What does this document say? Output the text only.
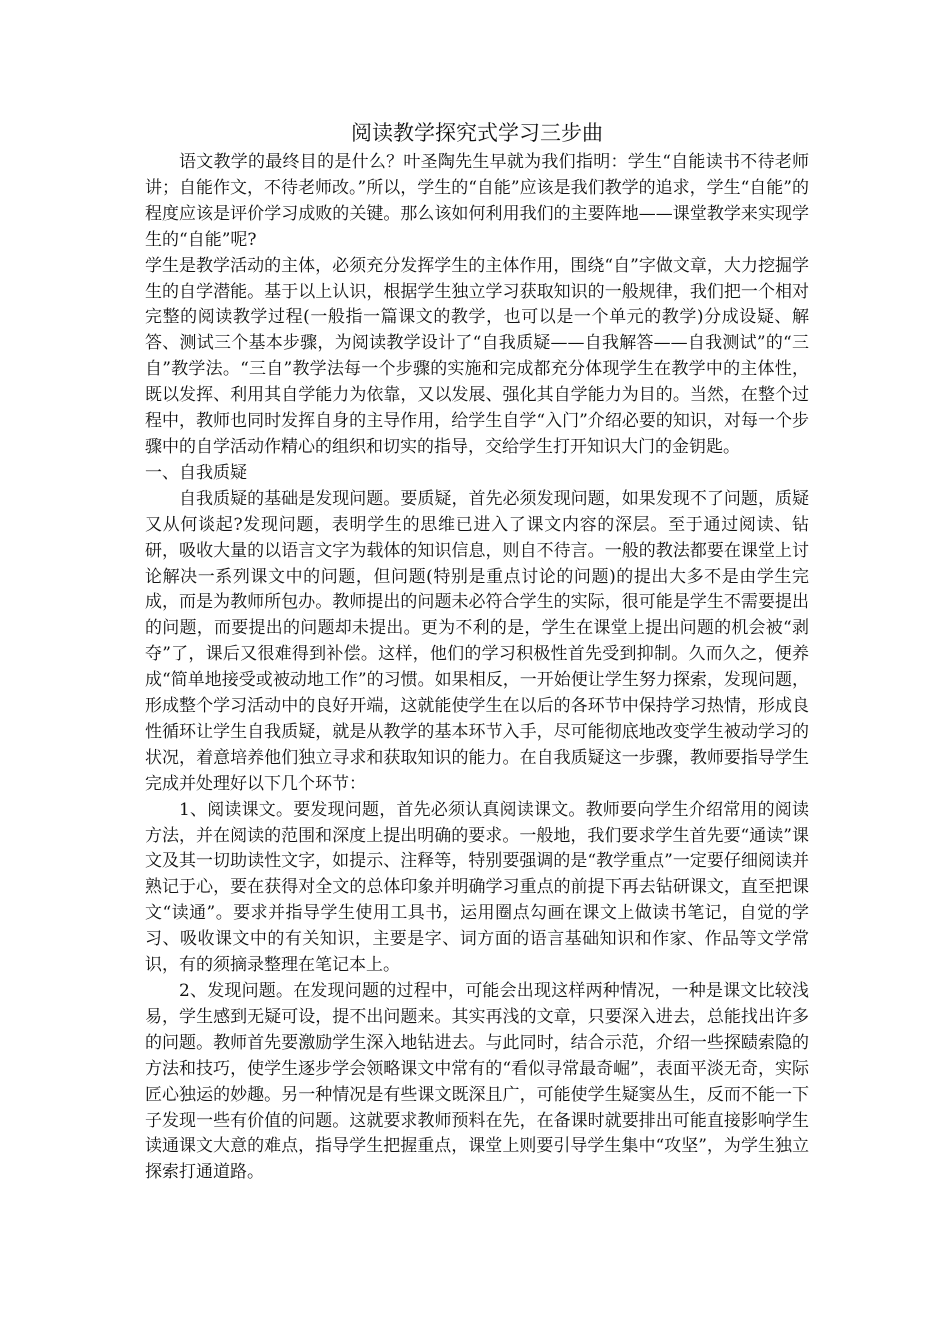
阅读教学探究式学习三步曲

语文教学的最终目的是什么？叶圣陶先生早就为我们指明：学生“自能读书不待老师讲；自能作文，不待老师改。”所以，学生的“自能”应该是我们教学的追求，学生“自能”的程度应该是评价学习成败的关键。那么该如何利用我们的主要阵地——课堂教学来实现学生的“自能”呢?

学生是教学活动的主体，必须充分发挥学生的主体作用，围绕“自”字做文章，大力挖掘学生的自学潜能。基于以上认识，根据学生独立学习获取知识的一般规律，我们把一个相对完整的阅读教学过程(一般指一篇课文的教学，也可以是一个单元的教学)分成设疑、解答、测试三个基本步骤，为阅读教学设计了“自我质疑——自我解答——自我测试”的“三自”教学法。“三自”教学法每一个步骤的实施和完成都充分体现学生在教学中的主体性，既以发挥、利用其自学能力为依靠，又以发展、强化其自学能力为目的。当然，在整个过程中，教师也同时发挥自身的主导作用，给学生自学“入门”介绍必要的知识，对每一个步骤中的自学活动作精心的组织和切实的指导，交给学生打开知识大门的金钥匙。

一、自我质疑

自我质疑的基础是发现问题。要质疑，首先必须发现问题，如果发现不了问题，质疑又从何谈起?发现问题，表明学生的思维已进入了课文内容的深层。至于通过阅读、钻研，吸收大量的以语言文字为载体的知识信息，则自不待言。一般的教法都要在课堂上讨论解决一系列课文中的问题，但问题(特别是重点讨论的问题)的提出大多不是由学生完成，而是为教师所包办。教师提出的问题未必符合学生的实际，很可能是学生不需要提出的问题，而要提出的问题却未提出。更为不利的是，学生在课堂上提出问题的机会被“剥夺”了，课后又很难得到补偿。这样，他们的学习积极性首先受到抑制。久而久之，便养成“简单地接受或被动地工作”的习惯。如果相反，一开始便让学生努力探索，发现问题，形成整个学习活动中的良好开端，这就能使学生在以后的各环节中保持学习热情，形成良性循环让学生自我质疑，就是从教学的基本环节入手，尽可能彻底地改变学生被动学习的状况，着意培养他们独立寻求和获取知识的能力。在自我质疑这一步骤，教师要指导学生完成并处理好以下几个环节：

1、阅读课文。要发现问题，首先必须认真阅读课文。教师要向学生介绍常用的阅读方法，并在阅读的范围和深度上提出明确的要求。一般地，我们要求学生首先要“通读”课文及其一切助读性文字，如提示、注释等，特别要强调的是“教学重点”一定要仔细阅读并熟记于心，要在获得对全文的总体印象并明确学习重点的前提下再去钻研课文，直至把课文“读通”。要求并指导学生使用工具书，运用圈点勾画在课文上做读书笔记，自觉的学习、吸收课文中的有关知识，主要是字、词方面的语言基础知识和作家、作品等文学常识，有的须摘录整理在笔记本上。

2、发现问题。在发现问题的过程中，可能会出现这样两种情况，一种是课文比较浅易，学生感到无疑可设，提不出问题来。其实再浅的文章，只要深入进去，总能找出许多的问题。教师首先要激励学生深入地钻进去。与此同时，结合示范，介绍一些探赜索隐的方法和技巧，使学生逐步学会领略课文中常有的“看似寻常最奇崛”，表面平淡无奇，实际匠心独运的妙趣。另一种情况是有些课文既深且广，可能使学生疑窦丛生，反而不能一下子发现一些有价值的问题。这就要求教师预料在先，在备课时就要排出可能直接影响学生读通课文大意的难点，指导学生把握重点，课堂上则要引导学生集中“攻坚”，为学生独立探索打通道路。
